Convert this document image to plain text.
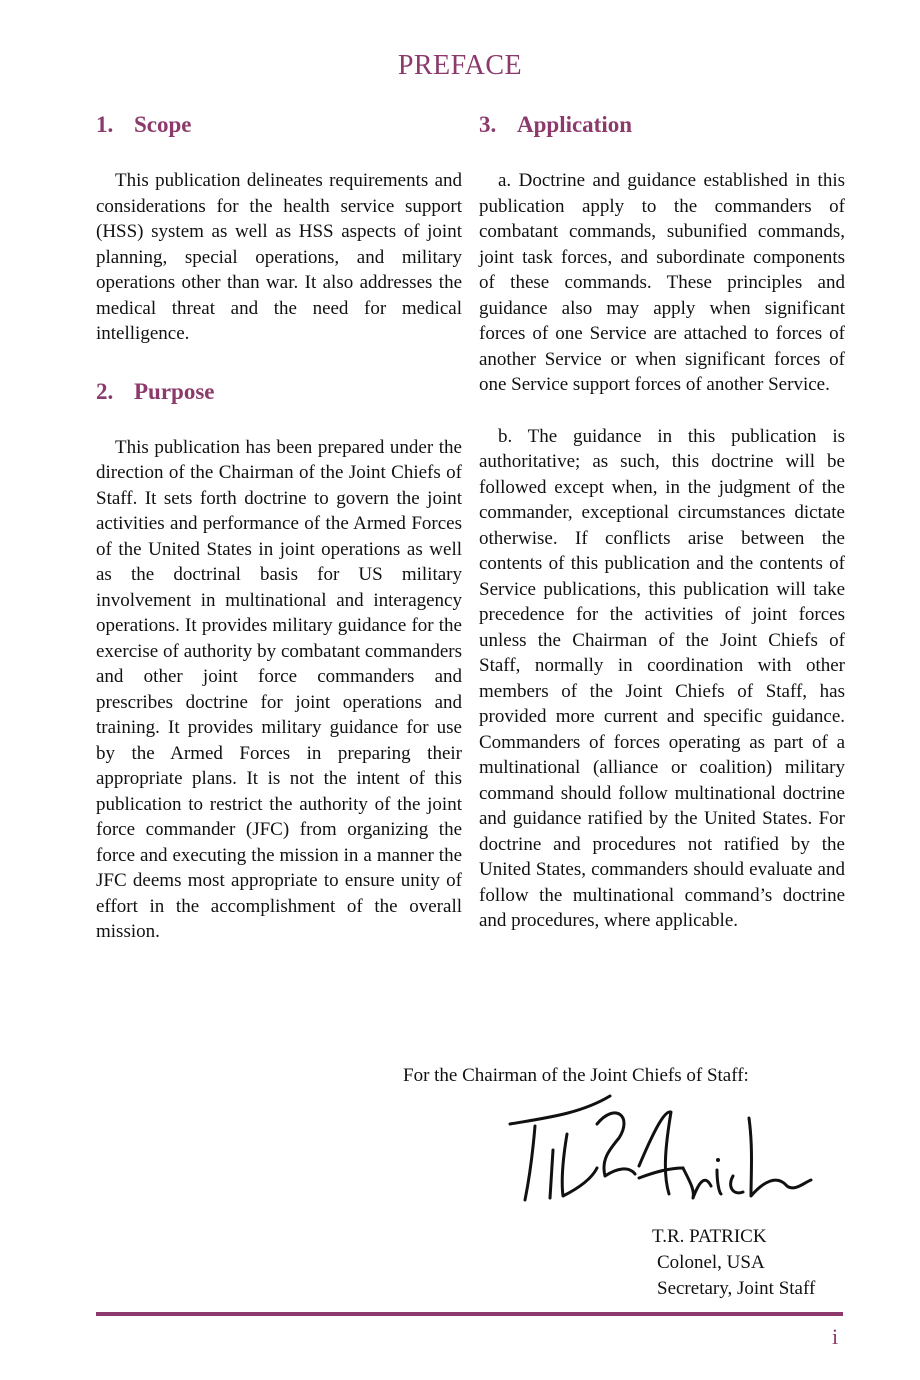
PREFACE
1. Scope

This publication delineates requirements and considerations for the health service support (HSS) system as well as HSS aspects of joint planning, special operations, and military operations other than war. It also addresses the medical threat and the need for medical intelligence.

2. Purpose

This publication has been prepared under the direction of the Chairman of the Joint Chiefs of Staff. It sets forth doctrine to govern the joint activities and performance of the Armed Forces of the United States in joint operations as well as the doctrinal basis for US military involvement in multinational and interagency operations. It provides military guidance for the exercise of authority by combatant commanders and other joint force commanders and prescribes doctrine for joint operations and training. It provides military guidance for use by the Armed Forces in preparing their appropriate plans. It is not the intent of this publication to restrict the authority of the joint force commander (JFC) from organizing the force and executing the mission in a manner the JFC deems most appropriate to ensure unity of effort in the accomplishment of the overall mission.

3. Application

a. Doctrine and guidance established in this publication apply to the commanders of combatant commands, subunified commands, joint task forces, and subordinate components of these commands. These principles and guidance also may apply when significant forces of one Service are attached to forces of another Service or when significant forces of one Service support forces of another Service.

b. The guidance in this publication is authoritative; as such, this doctrine will be followed except when, in the judgment of the commander, exceptional circumstances dictate otherwise. If conflicts arise between the contents of this publication and the contents of Service publications, this publication will take precedence for the activities of joint forces unless the Chairman of the Joint Chiefs of Staff, normally in coordination with other members of the Joint Chiefs of Staff, has provided more current and specific guidance. Commanders of forces operating as part of a multinational (alliance or coalition) military command should follow multinational doctrine and guidance ratified by the United States. For doctrine and procedures not ratified by the United States, commanders should evaluate and follow the multinational command’s doctrine and procedures, where applicable.

For the Chairman of the Joint Chiefs of Staff:
T.R. PATRICK
Colonel, USA
Secretary, Joint Staff
i
